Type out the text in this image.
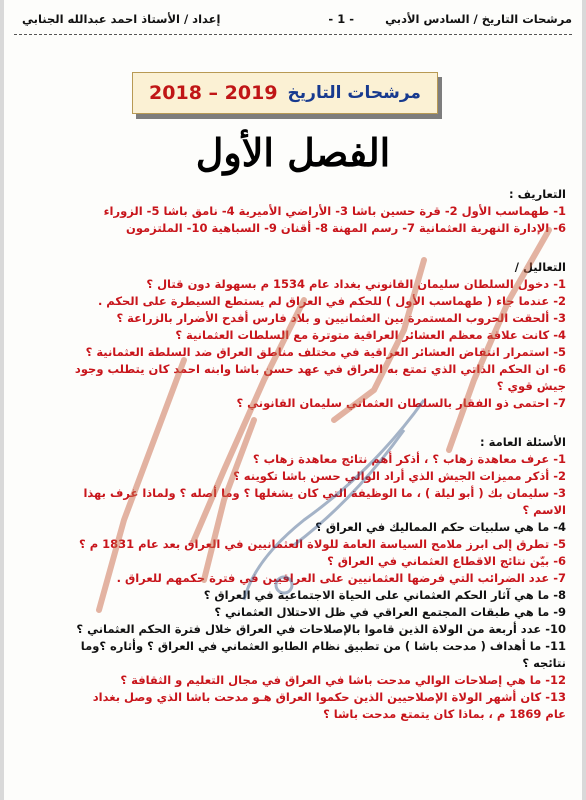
مرشحات التاريخ / السادس الأدبي
- 1 -
إعداد / الأستاذ احمد عبدالله الجنابي
مرشحات التاريخ
2019 – 2018
الفصل الأول
التعاريف :
1- طهماسب الأول 2- قرة حسين باشا 3- الأراضي الأميرية 4- نامق باشا 5- الزوراء
6- الإدارة النهرية العثمانية 7- رسم المهنة 8- أقنان 9- السباهية 10- الملتزمون
التعاليل /
1- دخول السلطان سليمان القانوني بغداد عام 1534 م بسهولة دون قتال ؟
2- عندما جاء ( طهماسب الأول ) للحكم في العراق لم يستطع السيطرة على الحكم .
3- ألحقت الحروب المستمرة بين العثمانيين و بلاد فارس أفدح الأضرار بالزراعة ؟
4- كانت علاقة معظم العشائر العراقية متوترة مع السلطات العثمانية ؟
5- استمرار انتقاض العشائر العراقية في مختلف مناطق العراق ضد السلطة العثمانية ؟
6- ان الحكم الذاتي الذي تمتع به العراق في عهد حسن باشا وابنه احمد كان يتطلب وجود
جيش قوي ؟
7- احتمى ذو الفقار بالسلطان العثماني سليمان القانوني ؟
الأسئلة العامة :
1- عرف معاهدة زهاب ؟ ، أذكر أهم نتائج معاهدة زهاب ؟
2- أذكر مميزات الجيش الذي أراد الوالي حسن باشا تكوينه ؟
3- سليمان بك ( أبو ليلة ) ، ما الوظيفة التي كان يشغلها ؟ وما أصله ؟ ولماذا غرف بهذا
الاسم ؟
4- ما هي سلبيات حكم المماليك في العراق ؟
5- تطرق إلى ابرز ملامح السياسة العامة للولاة العثمانيين في العراق بعد عام 1831 م ؟
6- بيّن نتائج الاقطاع العثماني في العراق ؟
7- عدد الضرائب التي فرضها العثمانيين على العراقيين في فترة حكمهم للعراق .
8- ما هي آثار الحكم العثماني على الحياة الاجتماعية في العراق ؟
9- ما هي طبقات المجتمع العراقي في ظل الاحتلال العثماني ؟
10- عدد أربعة من الولاة الذين قاموا بالإصلاحات في العراق خلال فترة الحكم العثماني ؟
11- ما أهداف ( مدحت باشا ) من تطبيق نظام الطابو العثماني في العراق ؟ وأثاره ؟وما
نتائجه ؟
12- ما هي إصلاحات الوالي مدحت باشا في العراق في مجال التعليم و الثقافة ؟
13- كان أشهر الولاة الإصلاحيين الذين حكموا العراق هـو مدحت باشا الذي وصل بغداد
عام 1869 م ، بماذا كان يتمتع مدحت باشا ؟
